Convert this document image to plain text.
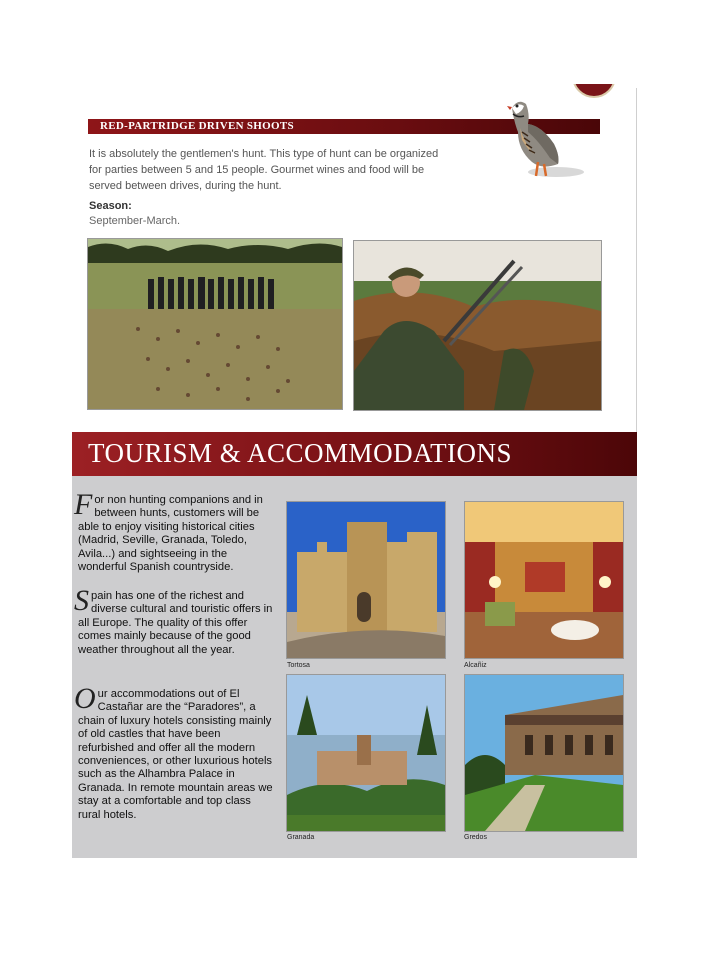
RED-PARTRIDGE DRIVEN SHOOTS
It is absolutely the gentlemen's hunt. This type of hunt can be organized for parties between 5 and 15 people. Gourmet wines and food will be served between drives, during the hunt.
Season:
September-March.
TOURISM & ACCOMMODATIONS
For non hunting companions and in between hunts, customers will be able to enjoy visiting historical cities (Madrid, Seville, Granada, Toledo, Avila...) and sightseeing in the wonderful Spanish countryside.
Spain has one of the richest and diverse cultural and touristic offers in all Europe. The quality of this offer comes mainly because of the good weather throughout all the year.
Our accommodations out of El Castañar are the “Paradores”, a chain of luxury hotels consisting mainly of old castles that have been refurbished and offer all the modern conveniences, or other luxurious hotels such as the Alhambra Palace in Granada. In remote mountain areas we stay at a comfortable and top class rural hotels.
Tortosa	Alcañiz
Granada	Gredos
